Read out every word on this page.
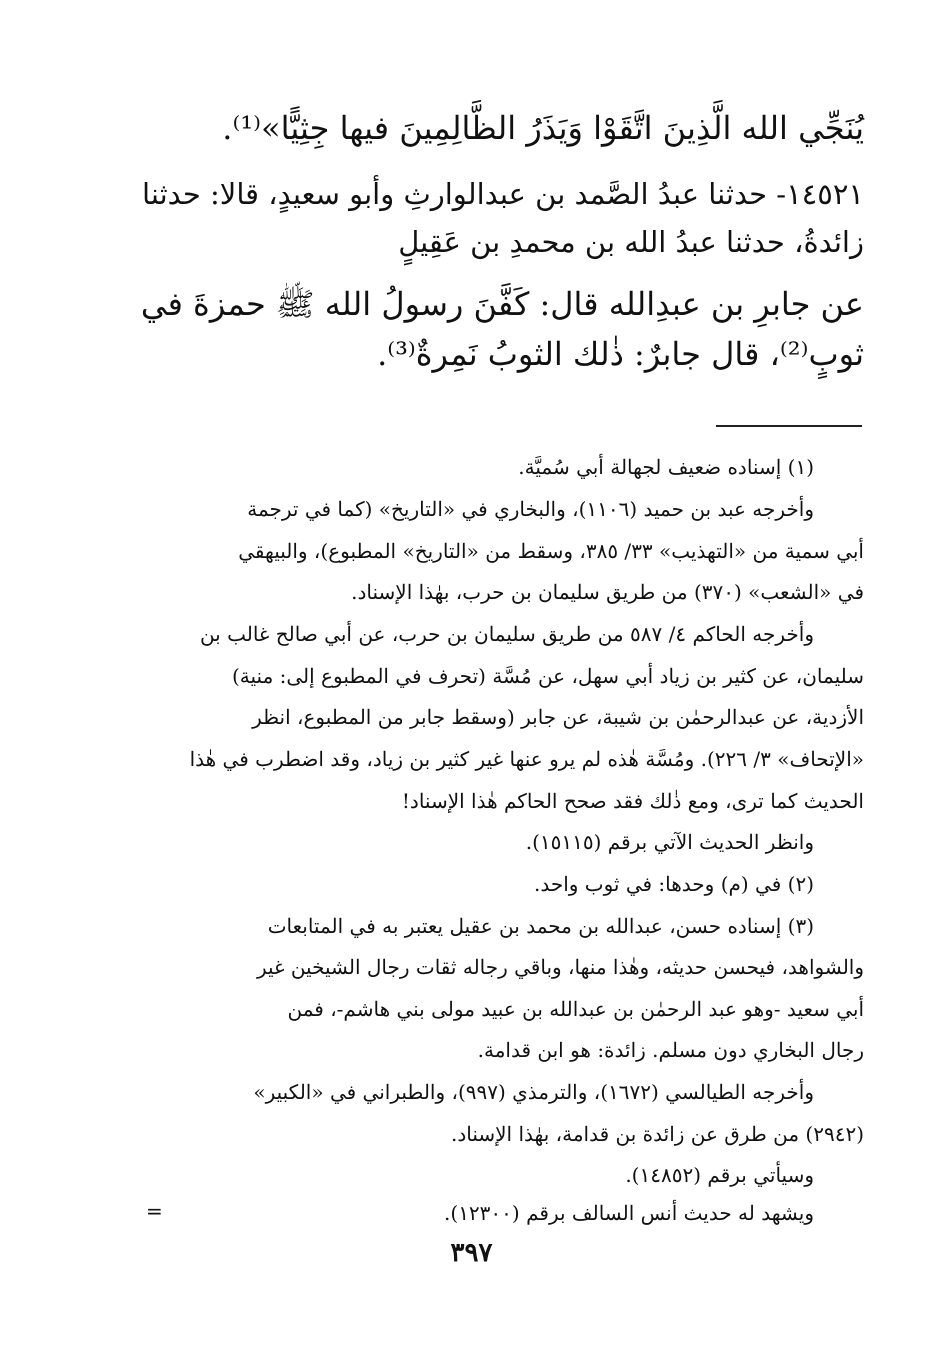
يُنَجِّي الله الَّذِينَ اتَّقَوْا وَيَذَرُ الظَّالِمِينَ فيها جِثِيًّا»⁽¹⁾.

١٤٥٢١- حدثنا عبدُ الصَّمد بن عبدالوارثِ وأبو سعيدٍ، قالا: حدثنا

زائدةُ، حدثنا عبدُ الله بن محمدِ بن عَقِيلٍ

عن جابرِ بن عبدِالله قال: كَفَّنَ رسولُ الله ﷺ حمزةَ في

ثوبٍ⁽²⁾، قال جابرٌ: ذٰلك الثوبُ نَمِرةٌ⁽³⁾.

(١) إسناده ضعيف لجهالة أبي سُميَّة.

وأخرجه عبد بن حميد (١١٠٦)، والبخاري في «التاريخ» (كما في ترجمة

أبي سمية من «التهذيب» ٣٣/ ٣٨٥، وسقط من «التاريخ» المطبوع)، والبيهقي

في «الشعب» (٣٧٠) من طريق سليمان بن حرب، بهٰذا الإسناد.

وأخرجه الحاكم ٤/ ٥٨٧ من طريق سليمان بن حرب، عن أبي صالح غالب بن

سليمان، عن كثير بن زياد أبي سهل، عن مُسَّة (تحرف في المطبوع إلى: منية)

الأزدية، عن عبدالرحمٰن بن شيبة، عن جابر (وسقط جابر من المطبوع، انظر

«الإتحاف» ٣/ ٢٢٦). ومُسَّة هٰذه لم يرو عنها غير كثير بن زياد، وقد اضطرب في هٰذا

الحديث كما ترى، ومع ذٰلك فقد صحح الحاكم هٰذا الإسناد!

وانظر الحديث الآتي برقم (١٥١١٥).

(٢) في (م) وحدها: في ثوب واحد.

(٣) إسناده حسن، عبدالله بن محمد بن عقيل يعتبر به في المتابعات

والشواهد، فيحسن حديثه، وهٰذا منها، وباقي رجاله ثقات رجال الشيخين غير

أبي سعيد -وهو عبد الرحمٰن بن عبدالله بن عبيد مولى بني هاشم-، فمن

رجال البخاري دون مسلم. زائدة: هو ابن قدامة.

وأخرجه الطيالسي (١٦٧٢)، والترمذي (٩٩٧)، والطبراني في «الكبير»

(٢٩٤٢) من طرق عن زائدة بن قدامة، بهٰذا الإسناد.

وسيأتي برقم (١٤٨٥٢).

ويشهد له حديث أنس السالف برقم (١٢٣٠٠).

=
٣٩٧
